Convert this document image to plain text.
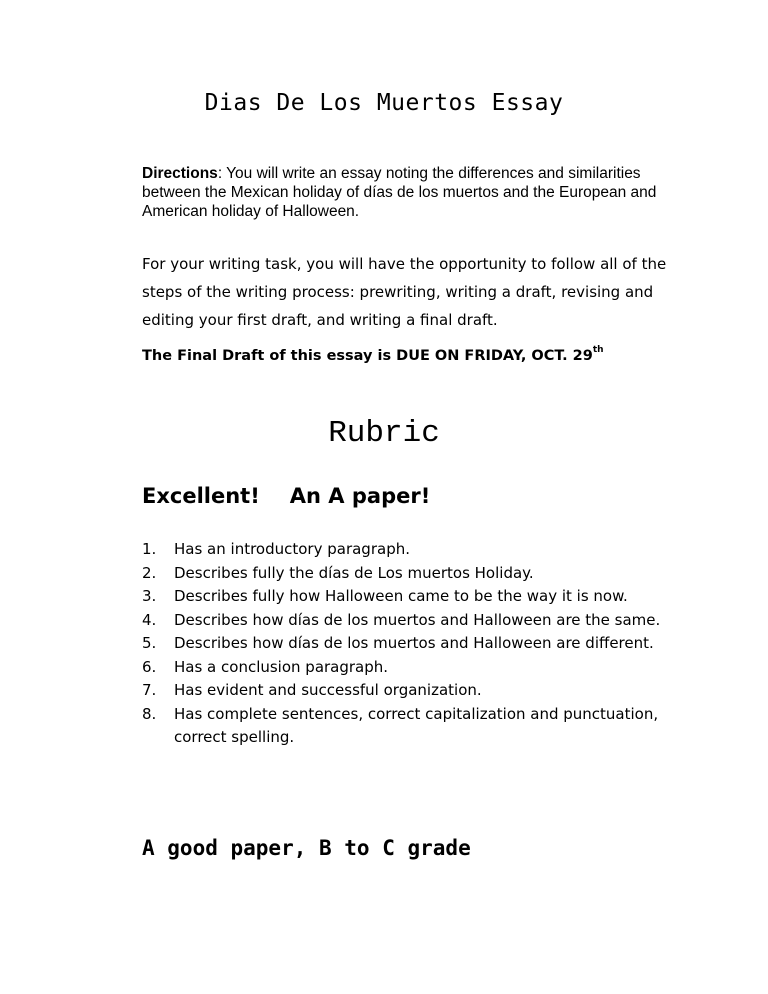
Dias De Los Muertos Essay
Directions: You will write an essay noting the differences and similarities between the Mexican holiday of días de los muertos and the European and American holiday of Halloween.
For your writing task, you will have the opportunity to follow all of the steps of the writing process: prewriting, writing a draft, revising and editing your first draft, and writing a final draft.
The Final Draft of this essay is DUE ON FRIDAY, OCT. 29th
Rubric
Excellent! An A paper!
1.	Has an introductory paragraph.
2.	Describes fully the días de Los muertos Holiday.
3.	Describes fully how Halloween came to be the way it is now.
4.	Describes how días de los muertos and Halloween are the same.
5.	Describes how días de los muertos and Halloween are different.
6.	Has a conclusion paragraph.
7.	Has evident and successful organization.
8.	Has complete sentences, correct capitalization and punctuation, correct spelling.
A good paper, B to C grade
